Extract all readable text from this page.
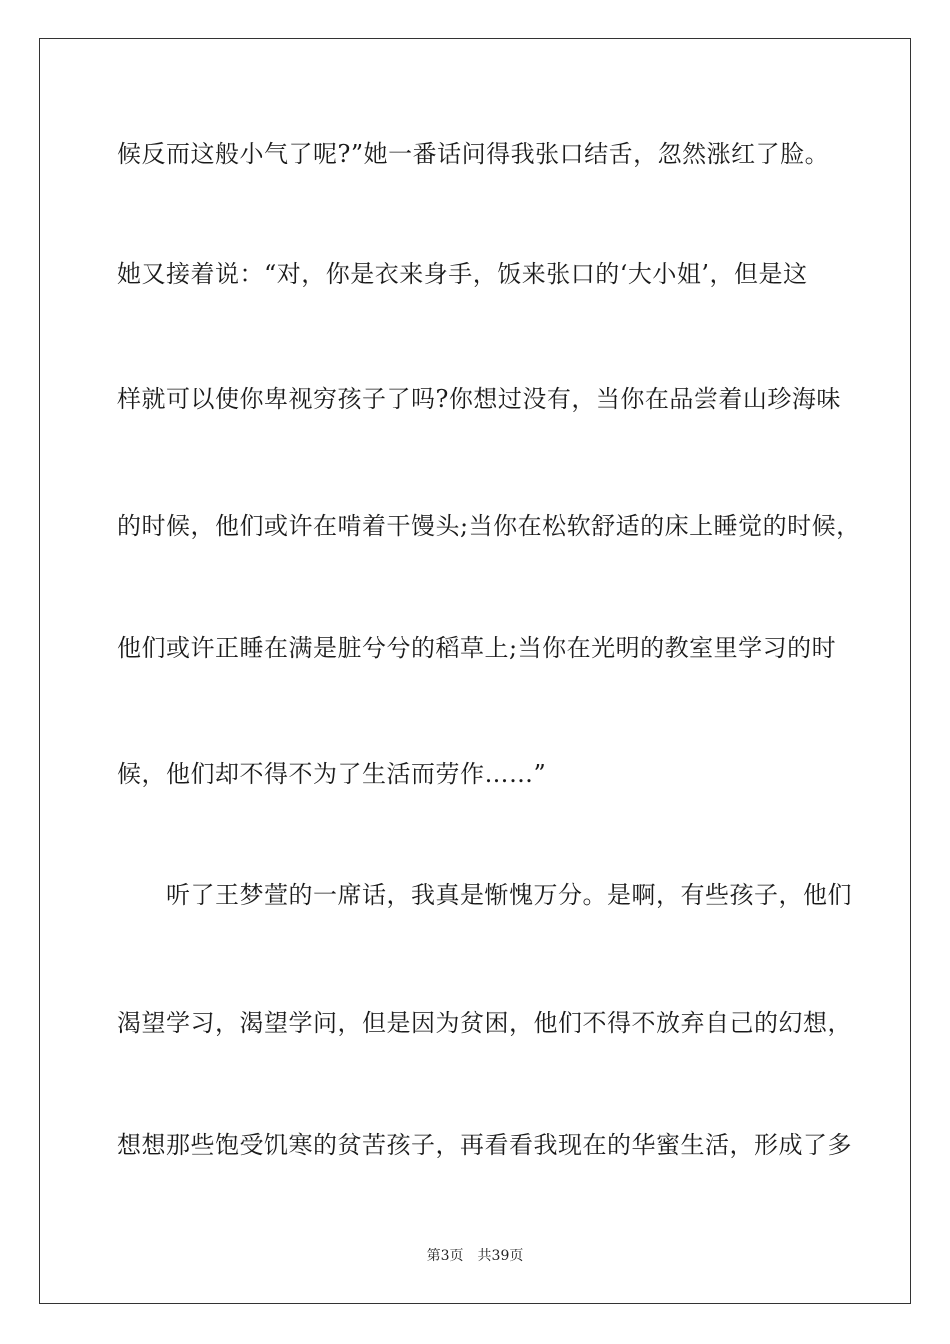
候反而这般小气了呢?”她一番话问得我张口结舌，忽然涨红了脸。
她又接着说：“对，你是衣来身手，饭来张口的‘大小姐’，但是这
样就可以使你卑视穷孩子了吗?你想过没有，当你在品尝着山珍海味
的时候，他们或许在啃着干馒头;当你在松软舒适的床上睡觉的时候，
他们或许正睡在满是脏兮兮的稻草上;当你在光明的教室里学习的时
候，他们却不得不为了生活而劳作……”
　　听了王梦萱的一席话，我真是惭愧万分。是啊，有些孩子，他们
渴望学习，渴望学问，但是因为贫困，他们不得不放弃自己的幻想，
想想那些饱受饥寒的贫苦孩子，再看看我现在的华蜜生活，形成了多
第3页 共39页
